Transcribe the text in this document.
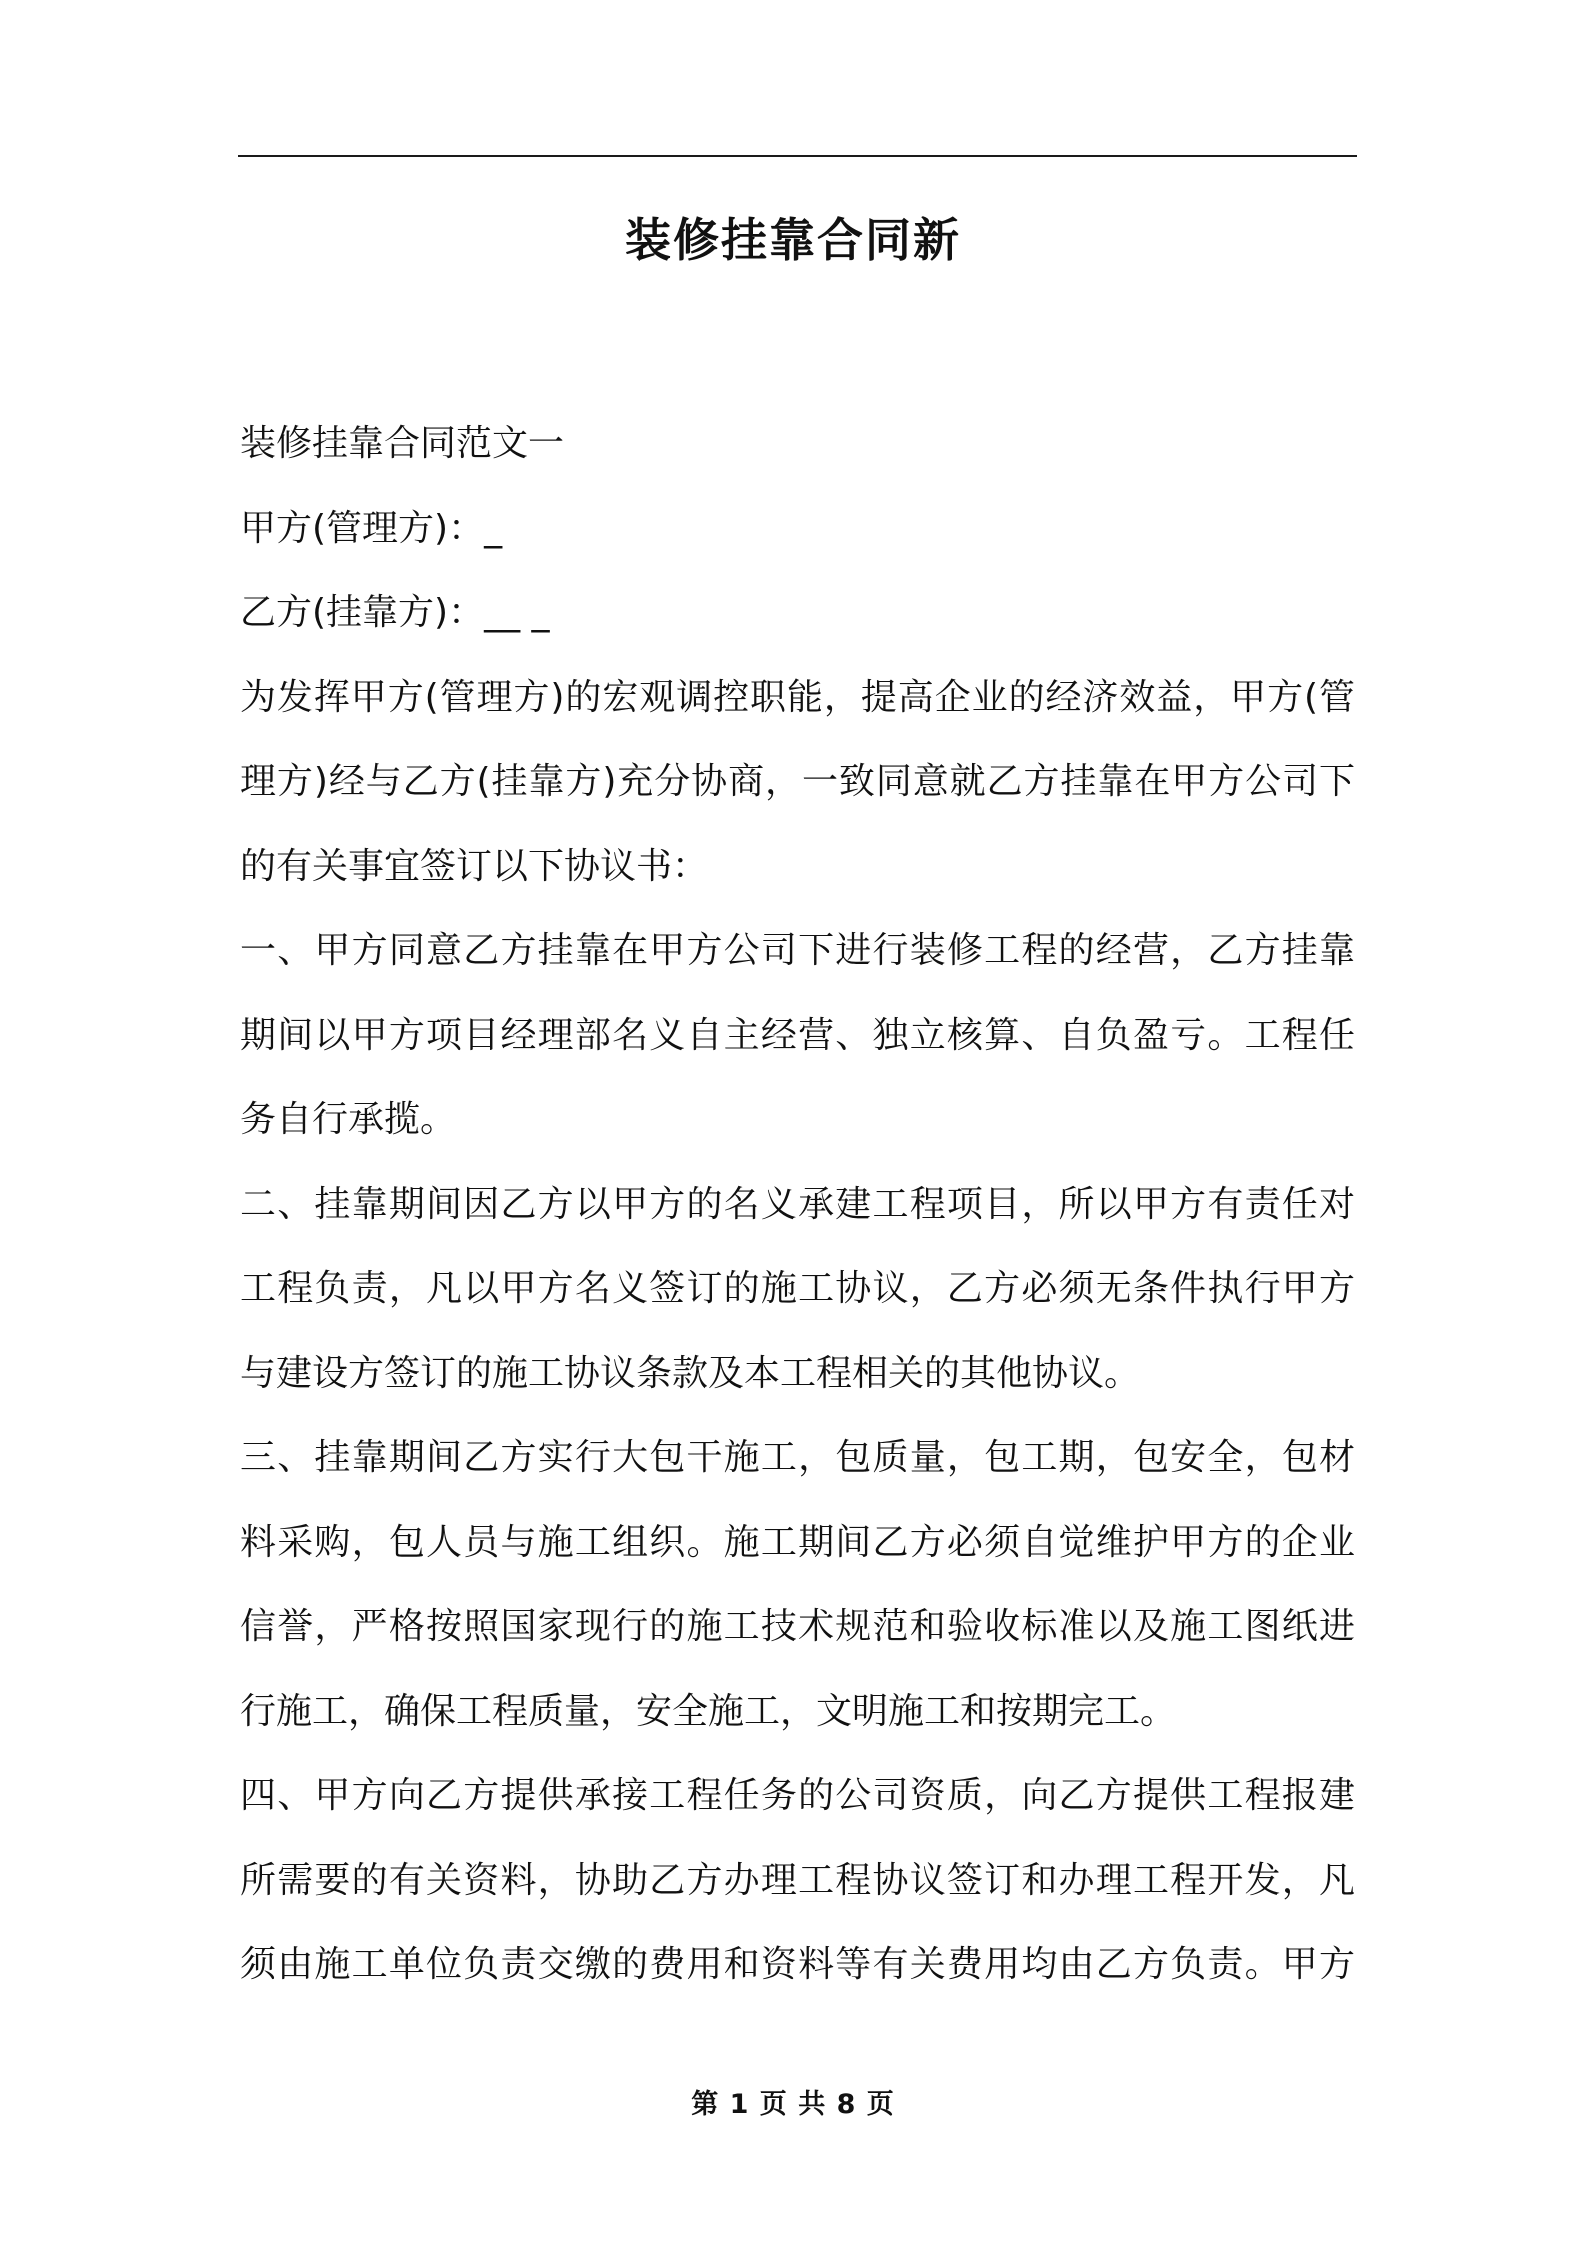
装修挂靠合同新
装修挂靠合同范文一
甲方(管理方)：_
乙方(挂靠方)：__ _
为发挥甲方(管理方)的宏观调控职能，提高企业的经济效益，甲方(管
理方)经与乙方(挂靠方)充分协商，一致同意就乙方挂靠在甲方公司下
的有关事宜签订以下协议书：
一、甲方同意乙方挂靠在甲方公司下进行装修工程的经营，乙方挂靠
期间以甲方项目经理部名义自主经营、独立核算、自负盈亏。工程任
务自行承揽。
二、挂靠期间因乙方以甲方的名义承建工程项目，所以甲方有责任对
工程负责，凡以甲方名义签订的施工协议，乙方必须无条件执行甲方
与建设方签订的施工协议条款及本工程相关的其他协议。
三、挂靠期间乙方实行大包干施工，包质量，包工期，包安全，包材
料采购，包人员与施工组织。施工期间乙方必须自觉维护甲方的企业
信誉，严格按照国家现行的施工技术规范和验收标准以及施工图纸进
行施工，确保工程质量，安全施工，文明施工和按期完工。
四、甲方向乙方提供承接工程任务的公司资质，向乙方提供工程报建
所需要的有关资料，协助乙方办理工程协议签订和办理工程开发，凡
须由施工单位负责交缴的费用和资料等有关费用均由乙方负责。甲方
第 1 页 共 8 页
